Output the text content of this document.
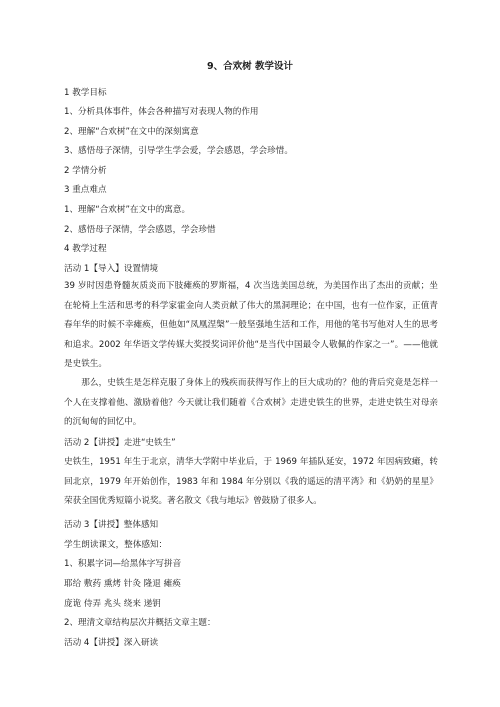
9、合欢树 教学设计
1 教学目标
1、分析具体事件，体会各种描写对表现人物的作用
2、理解“合欢树”在文中的深刻寓意
3、感悟母子深情，引导学生学会爱，学会感恩，学会珍惜。
2 学情分析
3 重点难点
1、理解“合欢树”在文中的寓意。
2、感悟母子深情，学会感恩，学会珍惜
4 教学过程
活动 1【导入】设置情境
39 岁时因患脊髓灰质炎而下肢瘫痪的罗斯福，4 次当选美国总统，为美国作出了杰出的贡献；坐在轮椅上生活和思考的科学家霍金向人类贡献了伟大的黑洞理论；在中国，也有一位作家，正值青春年华的时候不幸瘫痪，但他如“凤凰涅槃”一般坚强地生活和工作，用他的笔书写他对人生的思考和追求。2002 年华语文学传媒大奖授奖词评价他“是当代中国最令人敬佩的作家之一”。——他就是史铁生。
那么，史铁生是怎样克服了身体上的残疾而获得写作上的巨大成功的？他的背后究竟是怎样一个人在支撑着他、激励着他？今天就让我们随着《合欢树》走进史铁生的世界，走进史铁生对母亲的沉甸甸的回忆中。
活动 2【讲授】走进“史铁生”
史铁生，1951 年生于北京，清华大学附中毕业后，于 1969 年插队延安，1972 年因病致瘫，转回北京，1979 年开始创作，1983 年和 1984 年分别以《我的遥远的清平湾》和《奶奶的星星》荣获全国优秀短篇小说奖。著名散文《我与地坛》曾鼓励了很多人。
活动 3【讲授】整体感知
学生朗读课文，整体感知：
1、积累字词—给黑体字写拼音
耶给 敷药 熏烤 针灸 隆退 瘫痪
庞诡 侍弄 兆头 绕来 递钥
2、理清文章结构层次并概括文章主题：
活动 4【讲授】深入研读
